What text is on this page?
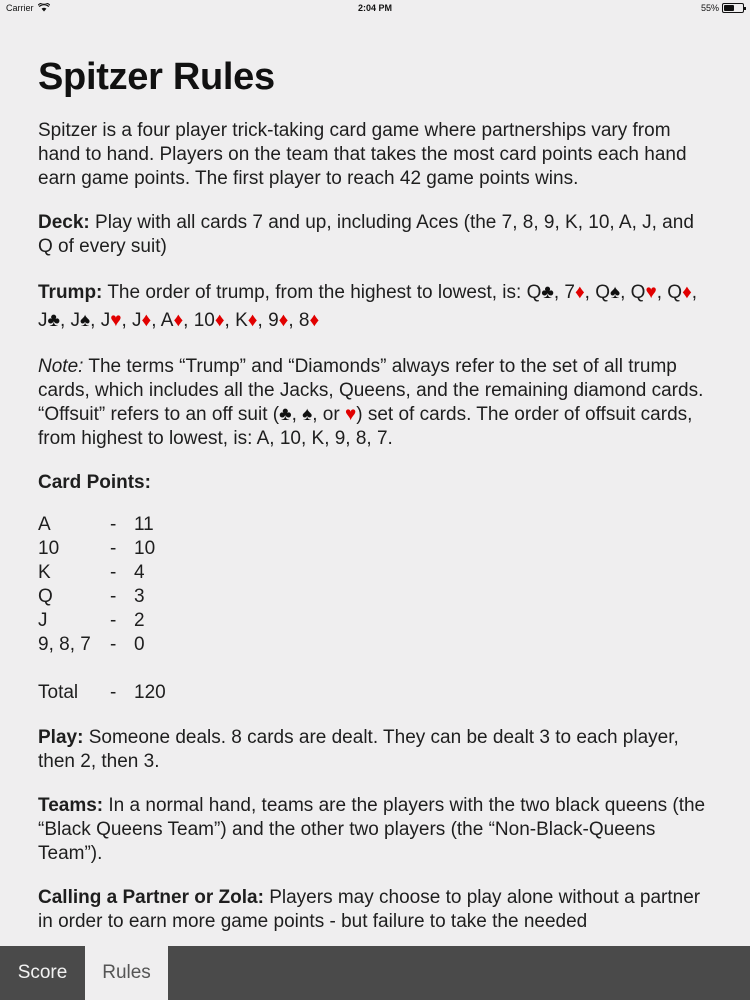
Carrier	2:04 PM	55%
Spitzer Rules

Spitzer is a four player trick-taking card game where partnerships vary from hand to hand. Players on the team that takes the most card points each hand earn game points. The first player to reach 42 game points wins.

Deck: Play with all cards 7 and up, including Aces (the 7, 8, 9, K, 10, A, J, and Q of every suit)

Trump: The order of trump, from the highest to lowest, is: Q♣, 7♦, Q♠, Q♥, Q♦, J♣, J♠, J♥, J♦, A♦, 10♦, K♦, 9♦, 8♦

Note: The terms “Trump” and “Diamonds” always refer to the set of all trump cards, which includes all the Jacks, Queens, and the remaining diamond cards. “Offsuit” refers to an off suit (♣, ♠, or ♥) set of cards. The order of offsuit cards, from highest to lowest, is: A, 10, K, 9, 8, 7.

Card Points:

A	-	11
10	-	10
K	-	4
Q	-	3
J	-	2
9, 8, 7	-	0

Total	-	120

Play: Someone deals. 8 cards are dealt. They can be dealt 3 to each player, then 2, then 3.

Teams: In a normal hand, teams are the players with the two black queens (the “Black Queens Team”) and the other two players (the “Non-Black-Queens Team”).

Calling a Partner or Zola: Players may choose to play alone without a partner in order to earn more game points - but failure to take the needed

Score	Rules
